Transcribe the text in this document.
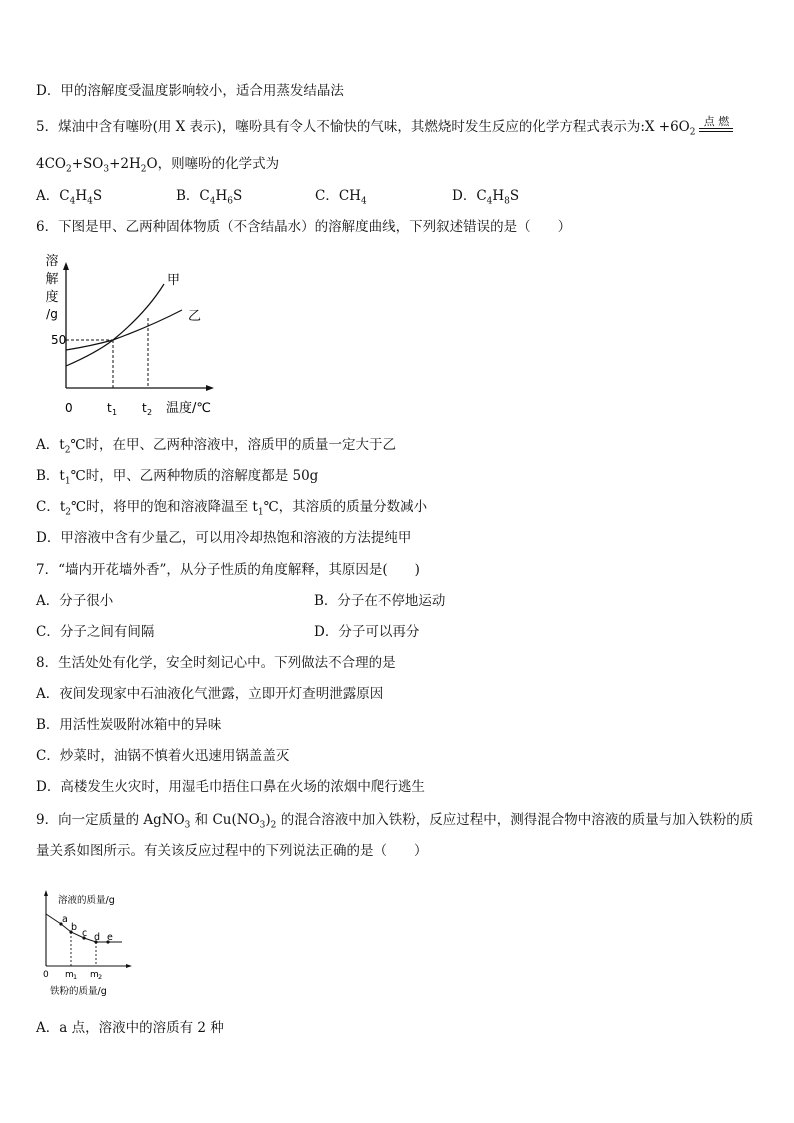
D．甲的溶解度受温度影响较小，适合用蒸发结晶法
5．煤油中含有噻吩(用 X 表示)，噻吩具有令人不愉快的气味，其燃烧时发生反应的化学方程式表示为:X $+6O_2$
点 燃
$4CO_2+SO_3+2H_2O$，则噻吩的化学式为
A．$C_4H_4S$	B．$C_4H_6S$	C．$CH_4$	D．$C_4H_8S$
6．下图是甲、乙两种固体物质（不含结晶水）的溶解度曲线，下列叙述错误的是（　　）
溶
解
度
/g
50
甲
乙
0	t 1 t 2 温度/℃
A．$t_2℃$时，在甲、乙两种溶液中，溶质甲的质量一定大于乙
B．$t_1℃$时，甲、乙两种物质的溶解度都是 50g
C．$t_2℃$时，将甲的饱和溶液降温至 $t_1℃$，其溶质的质量分数减小
D．甲溶液中含有少量乙，可以用冷却热饱和溶液的方法提纯甲
7．“墙内开花墙外香”，从分子性质的角度解释，其原因是(　　)
A．分子很小	B．分子在不停地运动
C．分子之间有间隔	D．分子可以再分
8．生活处处有化学，安全时刻记心中。下列做法不合理的是
A．夜间发现家中石油液化气泄露，立即开灯查明泄露原因
B．用活性炭吸附冰箱中的异味
C．炒菜时，油锅不慎着火迅速用锅盖盖灭
D．高楼发生火灾时，用湿毛巾捂住口鼻在火场的浓烟中爬行逃生
9．向一定质量的 AgNO$_3$ 和 $Cu(NO_3)_2$ 的混合溶液中加入铁粉，反应过程中，测得混合物中溶液的质量与加入铁粉的质
量关系如图所示。有关该反应过程中的下列说法正确的是（　　）
溶液的质量/g
a
b
c d e
0 m 1 m 2
铁粉的质量/g
A．a 点，溶液中的溶质有 2 种
